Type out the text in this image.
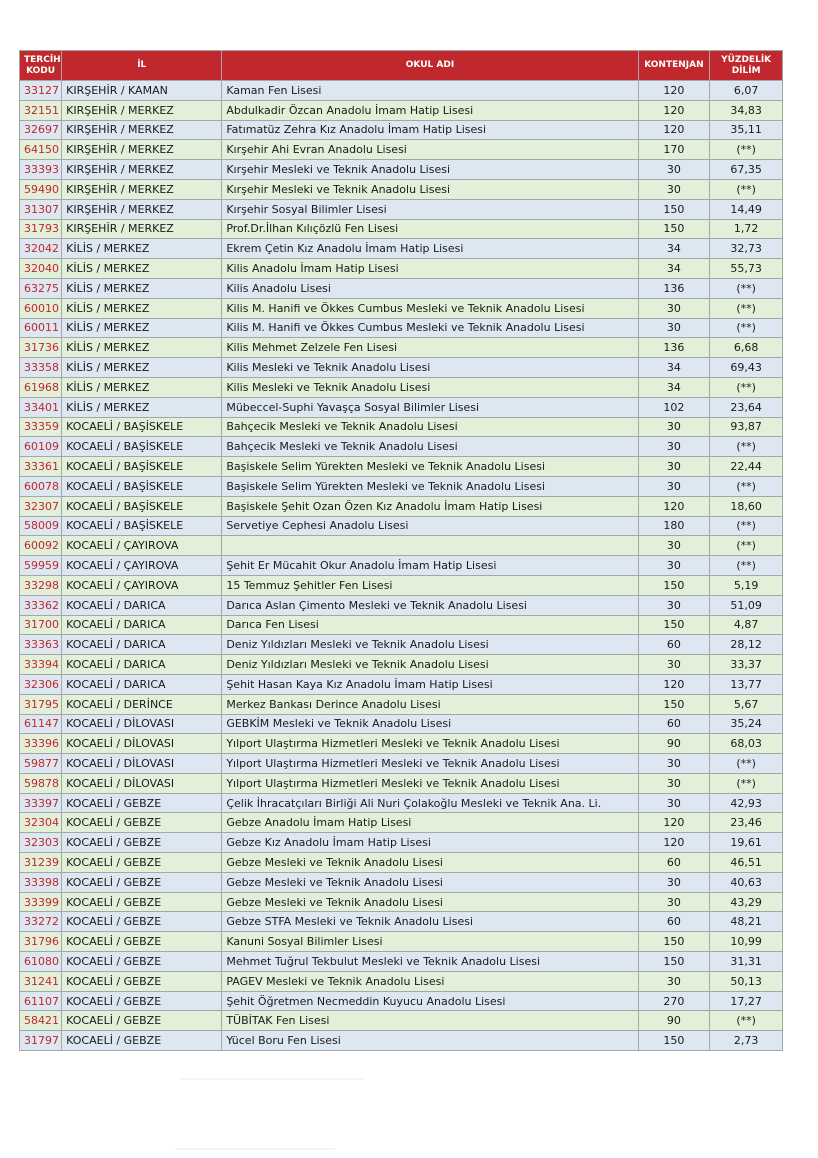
TERCİH
KODU	İL	OKUL ADI	KONTENJAN	YÜZDELİK
DİLİM
33127	KIRŞEHİR / KAMAN	Kaman Fen Lisesi	120	6,07
32151	KIRŞEHİR / MERKEZ	Abdulkadir Özcan Anadolu İmam Hatip Lisesi	120	34,83
32697	KIRŞEHİR / MERKEZ	Fatımatüz Zehra Kız Anadolu İmam Hatip Lisesi	120	35,11
64150	KIRŞEHİR / MERKEZ	Kırşehir Ahi Evran Anadolu Lisesi	170	(**)
33393	KIRŞEHİR / MERKEZ	Kırşehir Mesleki ve Teknik Anadolu Lisesi	30	67,35
59490	KIRŞEHİR / MERKEZ	Kırşehir Mesleki ve Teknik Anadolu Lisesi	30	(**)
31307	KIRŞEHİR / MERKEZ	Kırşehir Sosyal Bilimler Lisesi	150	14,49
31793	KIRŞEHİR / MERKEZ	Prof.Dr.İlhan Kılıçözlü Fen Lisesi	150	1,72
32042	KİLİS / MERKEZ	Ekrem Çetin Kız Anadolu İmam Hatip Lisesi	34	32,73
32040	KİLİS / MERKEZ	Kilis Anadolu İmam Hatip Lisesi	34	55,73
63275	KİLİS / MERKEZ	Kilis Anadolu Lisesi	136	(**)
60010	KİLİS / MERKEZ	Kilis M. Hanifi ve Ökkes Cumbus Mesleki ve Teknik Anadolu Lisesi	30	(**)
60011	KİLİS / MERKEZ	Kilis M. Hanifi ve Ökkes Cumbus Mesleki ve Teknik Anadolu Lisesi	30	(**)
31736	KİLİS / MERKEZ	Kilis Mehmet Zelzele Fen Lisesi	136	6,68
33358	KİLİS / MERKEZ	Kilis Mesleki ve Teknik Anadolu Lisesi	34	69,43
61968	KİLİS / MERKEZ	Kilis Mesleki ve Teknik Anadolu Lisesi	34	(**)
33401	KİLİS / MERKEZ	Mübeccel-Suphi Yavaşça Sosyal Bilimler Lisesi	102	23,64
33359	KOCAELİ / BAŞİSKELE	Bahçecik Mesleki ve Teknik Anadolu Lisesi	30	93,87
60109	KOCAELİ / BAŞİSKELE	Bahçecik Mesleki ve Teknik Anadolu Lisesi	30	(**)
33361	KOCAELİ / BAŞİSKELE	Başiskele Selim Yürekten Mesleki ve Teknik Anadolu Lisesi	30	22,44
60078	KOCAELİ / BAŞİSKELE	Başiskele Selim Yürekten Mesleki ve Teknik Anadolu Lisesi	30	(**)
32307	KOCAELİ / BAŞİSKELE	Başiskele Şehit Ozan Özen Kız Anadolu İmam Hatip Lisesi	120	18,60
58009	KOCAELİ / BAŞİSKELE	Servetiye Cephesi Anadolu Lisesi	180	(**)
60092	KOCAELİ / ÇAYIROVA		30	(**)
59959	KOCAELİ / ÇAYIROVA	Şehit Er Mücahit Okur Anadolu İmam Hatip Lisesi	30	(**)
33298	KOCAELİ / ÇAYIROVA	15 Temmuz Şehitler Fen Lisesi	150	5,19
33362	KOCAELİ / DARICA	Darıca Aslan Çimento Mesleki ve Teknik Anadolu Lisesi	30	51,09
31700	KOCAELİ / DARICA	Darıca Fen Lisesi	150	4,87
33363	KOCAELİ / DARICA	Deniz Yıldızları Mesleki ve Teknik Anadolu Lisesi	60	28,12
33394	KOCAELİ / DARICA	Deniz Yıldızları Mesleki ve Teknik Anadolu Lisesi	30	33,37
32306	KOCAELİ / DARICA	Şehit Hasan Kaya Kız Anadolu İmam Hatip Lisesi	120	13,77
31795	KOCAELİ / DERİNCE	Merkez Bankası Derince Anadolu Lisesi	150	5,67
61147	KOCAELİ / DİLOVASI	GEBKİM Mesleki ve Teknik Anadolu Lisesi	60	35,24
33396	KOCAELİ / DİLOVASI	Yılport Ulaştırma Hizmetleri Mesleki ve Teknik Anadolu Lisesi	90	68,03
59877	KOCAELİ / DİLOVASI	Yılport Ulaştırma Hizmetleri Mesleki ve Teknik Anadolu Lisesi	30	(**)
59878	KOCAELİ / DİLOVASI	Yılport Ulaştırma Hizmetleri Mesleki ve Teknik Anadolu Lisesi	30	(**)
33397	KOCAELİ / GEBZE	Çelik İhracatçıları Birliği Ali Nuri Çolakoğlu Mesleki ve Teknik Ana. Li.	30	42,93
32304	KOCAELİ / GEBZE	Gebze Anadolu İmam Hatip Lisesi	120	23,46
32303	KOCAELİ / GEBZE	Gebze Kız Anadolu İmam Hatip Lisesi	120	19,61
31239	KOCAELİ / GEBZE	Gebze Mesleki ve Teknik Anadolu Lisesi	60	46,51
33398	KOCAELİ / GEBZE	Gebze Mesleki ve Teknik Anadolu Lisesi	30	40,63
33399	KOCAELİ / GEBZE	Gebze Mesleki ve Teknik Anadolu Lisesi	30	43,29
33272	KOCAELİ / GEBZE	Gebze STFA Mesleki ve Teknik Anadolu Lisesi	60	48,21
31796	KOCAELİ / GEBZE	Kanuni Sosyal Bilimler Lisesi	150	10,99
61080	KOCAELİ / GEBZE	Mehmet Tuğrul Tekbulut Mesleki ve Teknik Anadolu Lisesi	150	31,31
31241	KOCAELİ / GEBZE	PAGEV Mesleki ve Teknik Anadolu Lisesi	30	50,13
61107	KOCAELİ / GEBZE	Şehit Öğretmen Necmeddin Kuyucu Anadolu Lisesi	270	17,27
58421	KOCAELİ / GEBZE	TÜBİTAK Fen Lisesi	90	(**)
31797	KOCAELİ / GEBZE	Yücel Boru Fen Lisesi	150	2,73
